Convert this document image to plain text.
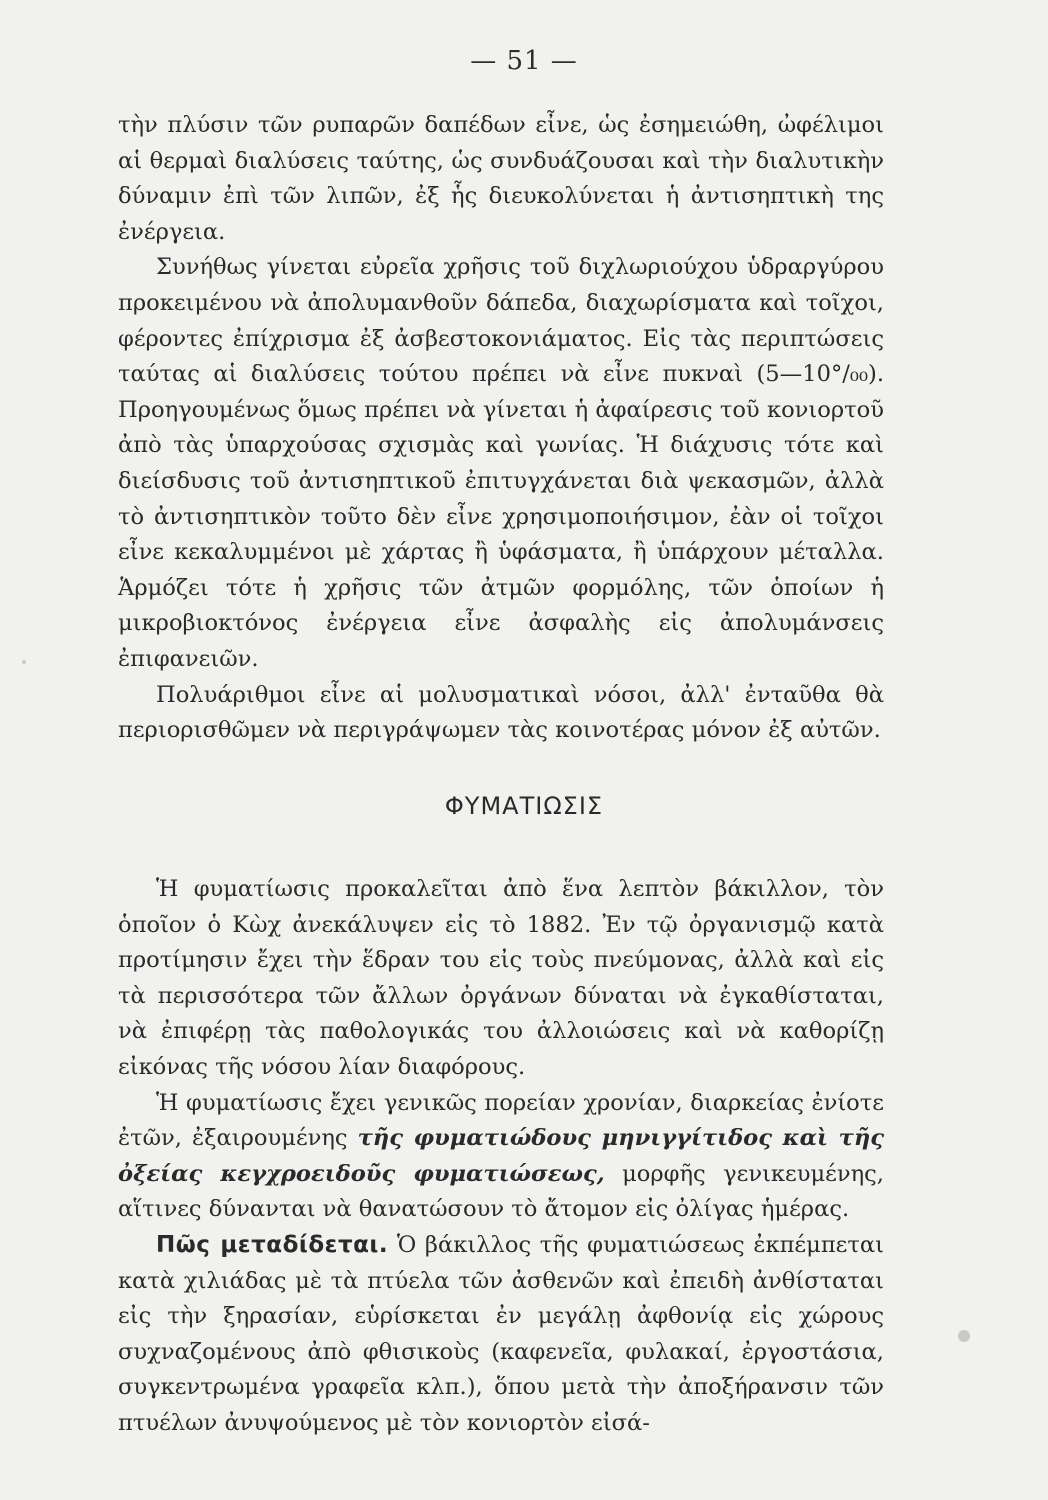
— 51 —

τὴν πλύσιν τῶν ρυπαρῶν δαπέδων εἶνε, ὡς ἐσημειώθη, ὠφέλιμοι αἱ θερμαὶ διαλύσεις ταύτης, ὡς συνδυάζουσαι καὶ τὴν διαλυτικὴν δύναμιν ἐπὶ τῶν λιπῶν, ἐξ ἧς διευκολύνεται ἡ ἀντισηπτικὴ της ἐνέργεια.

Συνήθως γίνεται εὐρεῖα χρῆσις τοῦ διχλωριούχου ὑδραργύρου προκειμένου νὰ ἀπολυμανθοῦν δάπεδα, διαχωρίσματα καὶ τοῖχοι, φέροντες ἐπίχρισμα ἐξ ἀσβεστοκονιάματος. Εἰς τὰς περιπτώσεις ταύτας αἱ διαλύσεις τούτου πρέπει νὰ εἶνε πυκναὶ (5—10°/₀₀). Προηγουμένως ὅμως πρέπει νὰ γίνεται ἡ ἀφαίρεσις τοῦ κονιορτοῦ ἀπὸ τὰς ὑπαρχούσας σχισμὰς καὶ γωνίας. Ἡ διάχυσις τότε καὶ διείσδυσις τοῦ ἀντισηπτικοῦ ἐπιτυγχάνεται διὰ ψεκασμῶν, ἀλλὰ τὸ ἀντισηπτικὸν τοῦτο δὲν εἶνε χρησιμοποιήσιμον, ἐὰν οἱ τοῖχοι εἶνε κεκαλυμμένοι μὲ χάρτας ἢ ὑφάσματα, ἢ ὑπάρχουν μέταλλα. Ἁρμόζει τότε ἡ χρῆσις τῶν ἀτμῶν φορμόλης, τῶν ὁποίων ἡ μικροβιοκτόνος ἐνέργεια εἶνε ἀσφαλὴς εἰς ἀπολυμάνσεις ἐπιφανειῶν.

Πολυάριθμοι εἶνε αἱ μολυσματικαὶ νόσοι, ἀλλ' ἐνταῦθα θὰ περιορισθῶμεν νὰ περιγράψωμεν τὰς κοινοτέρας μόνον ἐξ αὐτῶν.

ΦΥΜΑΤΙΩΣΙΣ

Ἡ φυματίωσις προκαλεῖται ἀπὸ ἕνα λεπτὸν βάκιλλον, τὸν ὁποῖον ὁ Κὼχ ἀνεκάλυψεν εἰς τὸ 1882. Ἐν τῷ ὀργανισμῷ κατὰ προτίμησιν ἔχει τὴν ἕδραν του εἰς τοὺς πνεύμονας, ἀλλὰ καὶ εἰς τὰ περισσότερα τῶν ἄλλων ὀργάνων δύναται νὰ ἐγκαθίσταται, νὰ ἐπιφέρῃ τὰς παθολογικάς του ἀλλοιώσεις καὶ νὰ καθορίζῃ εἰκόνας τῆς νόσου λίαν διαφόρους.

Ἡ φυματίωσις ἔχει γενικῶς πορείαν χρονίαν, διαρκείας ἐνίοτε ἐτῶν, ἐξαιρουμένης τῆς φυματιώδους μηνιγγίτιδος καὶ τῆς ὀξείας κεγχροειδοῦς φυματιώσεως, μορφῆς γενικευμένης, αἵτινες δύνανται νὰ θανατώσουν τὸ ἄτομον εἰς ὀλίγας ἡμέρας.

Πῶς μεταδίδεται. Ὁ βάκιλλος τῆς φυματιώσεως ἐκπέμπεται κατὰ χιλιάδας μὲ τὰ πτύελα τῶν ἀσθενῶν καὶ ἐπειδὴ ἀνθίσταται εἰς τὴν ξηρασίαν, εὑρίσκεται ἐν μεγάλῃ ἀφθονίᾳ εἰς χώρους συχναζομένους ἀπὸ φθισικοὺς (καφενεῖα, φυλακαί, ἐργοστάσια, συγκεντρωμένα γραφεῖα κλπ.), ὅπου μετὰ τὴν ἀποξήρανσιν τῶν πτυέλων ἀνυψούμενος μὲ τὸν κονιορτὸν εἰσά-
